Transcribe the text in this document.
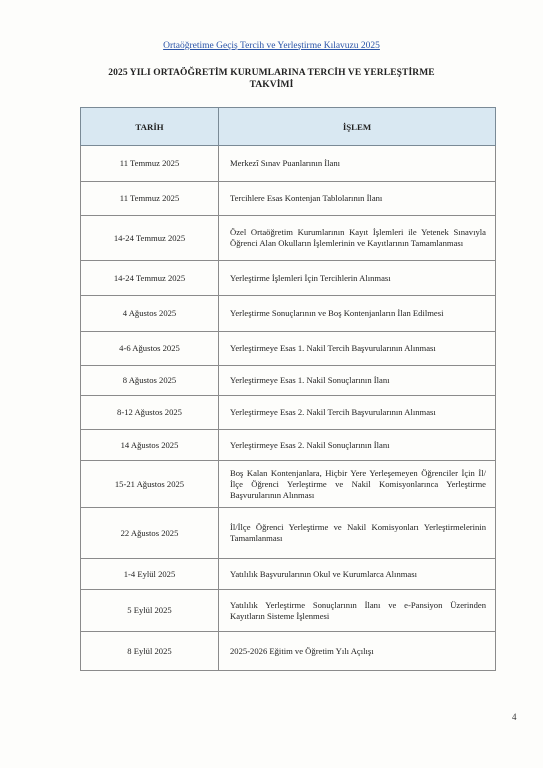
Ortaöğretime Geçiş Tercih ve Yerleştirme Kılavuzu 2025
2025 YILI ORTAÖĞRETİM KURUMLARINA TERCİH VE YERLEŞTİRME
TAKVİMİ
TARİH	İŞLEM
11 Temmuz 2025	Merkezî Sınav Puanlarının İlanı
11 Temmuz 2025	Tercihlere Esas Kontenjan Tablolarının İlanı
14-24 Temmuz 2025	Özel Ortaöğretim Kurumlarının Kayıt İşlemleri ile Yetenek Sınavıyla Öğrenci Alan Okulların İşlemlerinin ve Kayıtlarının Tamamlanması
14-24 Temmuz 2025	Yerleştirme İşlemleri İçin Tercihlerin Alınması
4 Ağustos 2025	Yerleştirme Sonuçlarının ve Boş Kontenjanların İlan Edilmesi
4-6 Ağustos 2025	Yerleştirmeye Esas 1. Nakil Tercih Başvurularının Alınması
8 Ağustos 2025	Yerleştirmeye Esas 1. Nakil Sonuçlarının İlanı
8-12 Ağustos 2025	Yerleştirmeye Esas 2. Nakil Tercih Başvurularının Alınması
14 Ağustos 2025	Yerleştirmeye Esas 2. Nakil Sonuçlarının İlanı
15-21 Ağustos 2025	Boş Kalan Kontenjanlara, Hiçbir Yere Yerleşemeyen Öğrenciler İçin İl/İlçe Öğrenci Yerleştirme ve Nakil Komisyonlarınca Yerleştirme Başvurularının Alınması
22 Ağustos 2025	İl/İlçe Öğrenci Yerleştirme ve Nakil Komisyonları Yerleştirmelerinin Tamamlanması
1-4 Eylül 2025	Yatılılık Başvurularının Okul ve Kurumlarca Alınması
5 Eylül 2025	Yatılılık Yerleştirme Sonuçlarının İlanı ve e-Pansiyon Üzerinden Kayıtların Sisteme İşlenmesi
8 Eylül 2025	2025-2026 Eğitim ve Öğretim Yılı Açılışı
4
